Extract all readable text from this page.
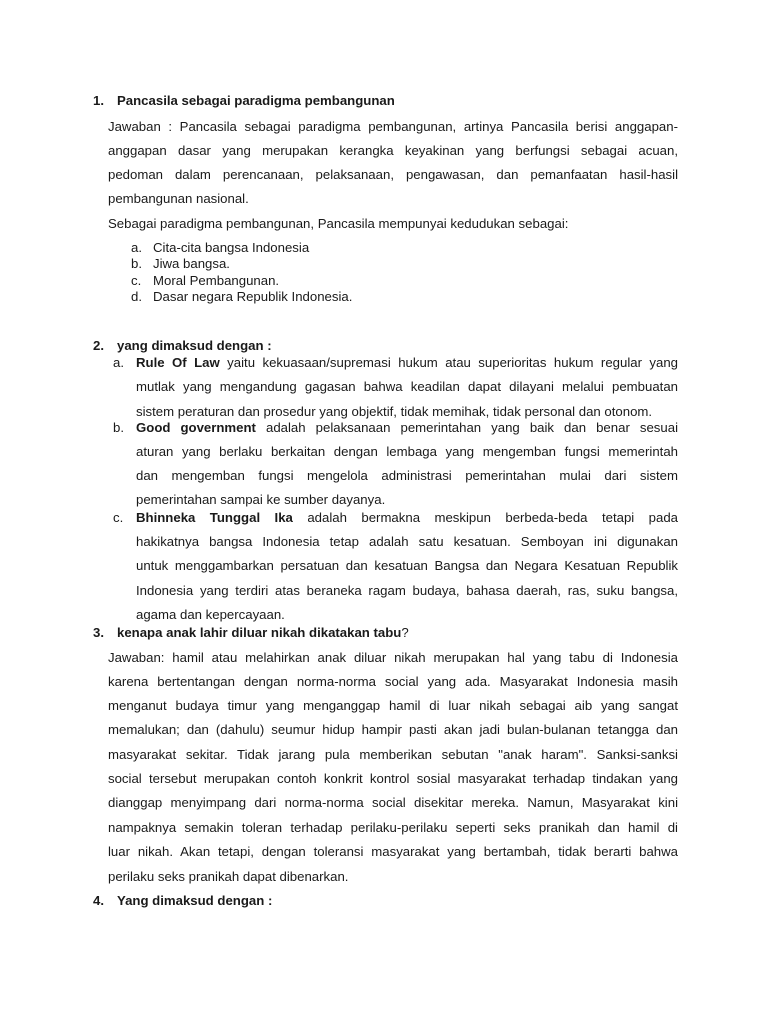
1. Pancasila sebagai paradigma pembangunan
Jawaban : Pancasila sebagai paradigma pembangunan, artinya Pancasila berisi anggapan-
anggapan dasar yang merupakan kerangka keyakinan yang berfungsi sebagai acuan,
pedoman dalam perencanaan, pelaksanaan, pengawasan, dan pemanfaatan hasil-hasil
pembangunan nasional.
Sebagai paradigma pembangunan, Pancasila mempunyai kedudukan sebagai:
a. Cita-cita bangsa Indonesia
b. Jiwa bangsa.
c. Moral Pembangunan.
d. Dasar negara Republik Indonesia.
2. yang dimaksud dengan :
a. Rule Of Law yaitu kekuasaan/supremasi hukum atau superioritas hukum regular yang
mutlak yang mengandung gagasan bahwa keadilan dapat dilayani melalui pembuatan
sistem peraturan dan prosedur yang objektif, tidak memihak, tidak personal dan otonom.
b. Good government adalah pelaksanaan pemerintahan yang baik dan benar sesuai
aturan yang berlaku berkaitan dengan lembaga yang mengemban fungsi memerintah
dan mengemban fungsi mengelola administrasi pemerintahan mulai dari sistem
pemerintahan sampai ke sumber dayanya.
c. Bhinneka Tunggal Ika adalah bermakna meskipun berbeda-beda tetapi pada
hakikatnya bangsa Indonesia tetap adalah satu kesatuan. Semboyan ini digunakan
untuk menggambarkan persatuan dan kesatuan Bangsa dan Negara Kesatuan Republik
Indonesia yang terdiri atas beraneka ragam budaya, bahasa daerah, ras, suku bangsa,
agama dan kepercayaan.
3. kenapa anak lahir diluar nikah dikatakan tabu?
Jawaban: hamil atau melahirkan anak diluar nikah merupakan hal yang tabu di Indonesia
karena bertentangan dengan norma-norma social yang ada. Masyarakat Indonesia masih
menganut budaya timur yang menganggap hamil di luar nikah sebagai aib yang sangat
memalukan; dan (dahulu) seumur hidup hampir pasti akan jadi bulan-bulanan tetangga dan
masyarakat sekitar. Tidak jarang pula memberikan sebutan "anak haram". Sanksi-sanksi
social tersebut merupakan contoh konkrit kontrol sosial masyarakat terhadap tindakan yang
dianggap menyimpang dari norma-norma social disekitar mereka. Namun, Masyarakat kini
nampaknya semakin toleran terhadap perilaku-perilaku seperti seks pranikah dan hamil di
luar nikah. Akan tetapi, dengan toleransi masyarakat yang bertambah, tidak berarti bahwa
perilaku seks pranikah dapat dibenarkan.
4. Yang dimaksud dengan :
